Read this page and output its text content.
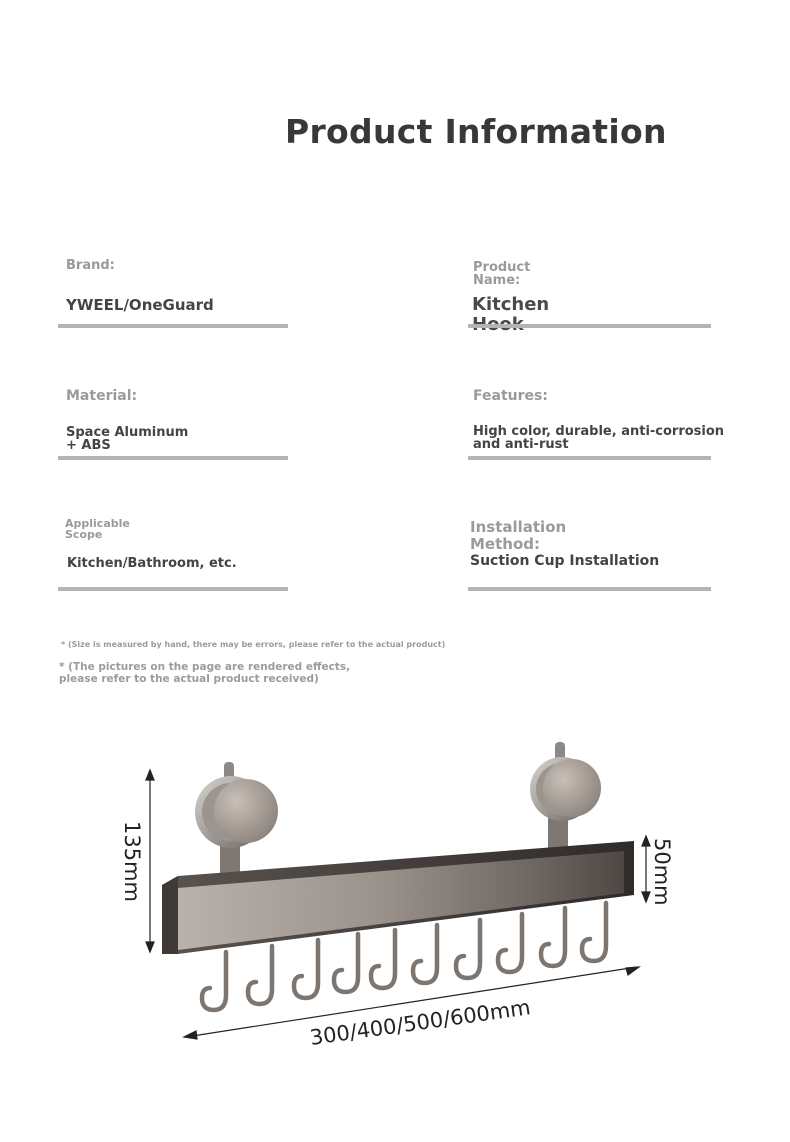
Product Information
Brand:
YWEEL/OneGuard
Material:
Space Aluminum
+ ABS
Applicable
Scope
Kitchen/Bathroom, etc.
Product
Name:
Kitchen

Features:
High color, durable, anti-corrosion
and anti-rust
Installation
Method:
Suction Cup Installation
* (Size is measured by hand, there may be errors, please refer to the actual product)
* (The pictures on the page are rendered effects,
please refer to the actual product received)
135mm	50mm
300/400/500/600mm
